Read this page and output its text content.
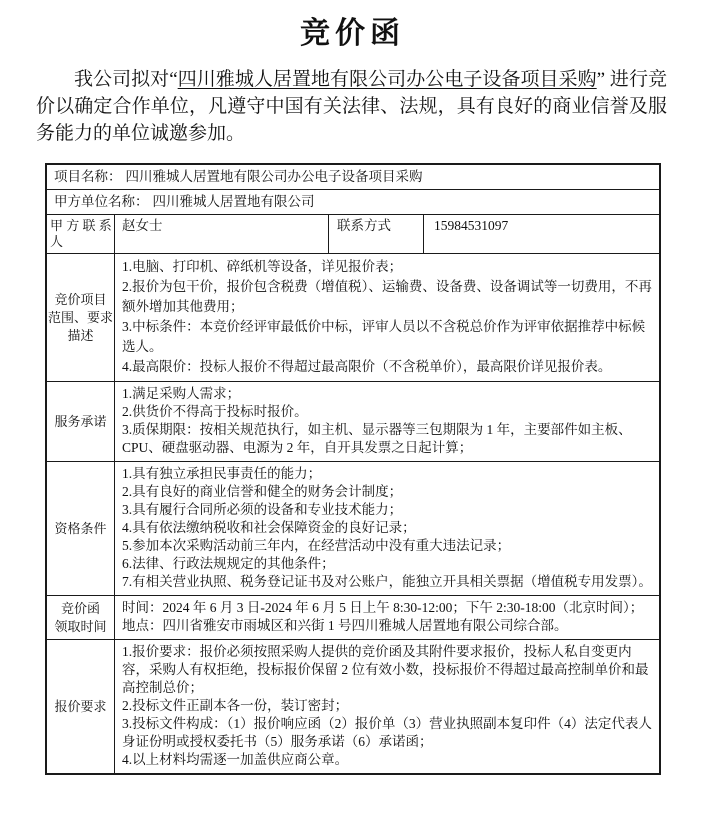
竞价函

我公司拟对“四川雅城人居置地有限公司办公电子设备项目采购” 进行竞价以确定合作单位，凡遵守中国有关法律、法规，具有良好的商业信誉及服务能力的单位诚邀参加。

项目名称： 四川雅城人居置地有限公司办公电子设备项目采购
甲方单位名称： 四川雅城人居置地有限公司
甲 方 联 系
人
赵女士	联系方式	15984531097
竞价项目
范围、要求
描述
1.电脑、打印机、碎纸机等设备，详见报价表；
2.报价为包干价，报价包含税费（增值税）、运输费、设备费、设备调试等一切费用，不再额外增加其他费用；
3.中标条件：本竞价经评审最低价中标，评审人员以不含税总价作为评审依据推荐中标候选人。
4.最高限价：投标人报价不得超过最高限价（不含税单价），最高限价详见报价表。
服务承诺
1.满足采购人需求；
2.供货价不得高于投标时报价。
3.质保期限：按相关规范执行，如主机、显示器等三包期限为 1 年，主要部件如主板、CPU、硬盘驱动器、电源为 2 年，自开具发票之日起计算；
资格条件
1.具有独立承担民事责任的能力；
2.具有良好的商业信誉和健全的财务会计制度；
3.具有履行合同所必须的设备和专业技术能力；
4.具有依法缴纳税收和社会保障资金的良好记录；
5.参加本次采购活动前三年内，在经营活动中没有重大违法记录；
6.法律、行政法规规定的其他条件；
7.有相关营业执照、税务登记证书及对公账户，能独立开具相关票据（增值税专用发票）。
竞价函
领取时间
时间：2024 年 6 月 3 日-2024 年 6 月 5 日上午 8:30-12:00；下午 2:30-18:00（北京时间）；
地点：四川省雅安市雨城区和兴街 1 号四川雅城人居置地有限公司综合部。
报价要求
1.报价要求：报价必须按照采购人提供的竞价函及其附件要求报价，投标人私自变更内容，采购人有权拒绝，投标报价保留 2 位有效小数，投标报价不得超过最高控制单价和最高控制总价；
2.投标文件正副本各一份，装订密封；
3.投标文件构成：（1）报价响应函（2）报价单（3）营业执照副本复印件（4）法定代表人身证份明或授权委托书（5）服务承诺（6）承诺函；
4.以上材料均需逐一加盖供应商公章。
